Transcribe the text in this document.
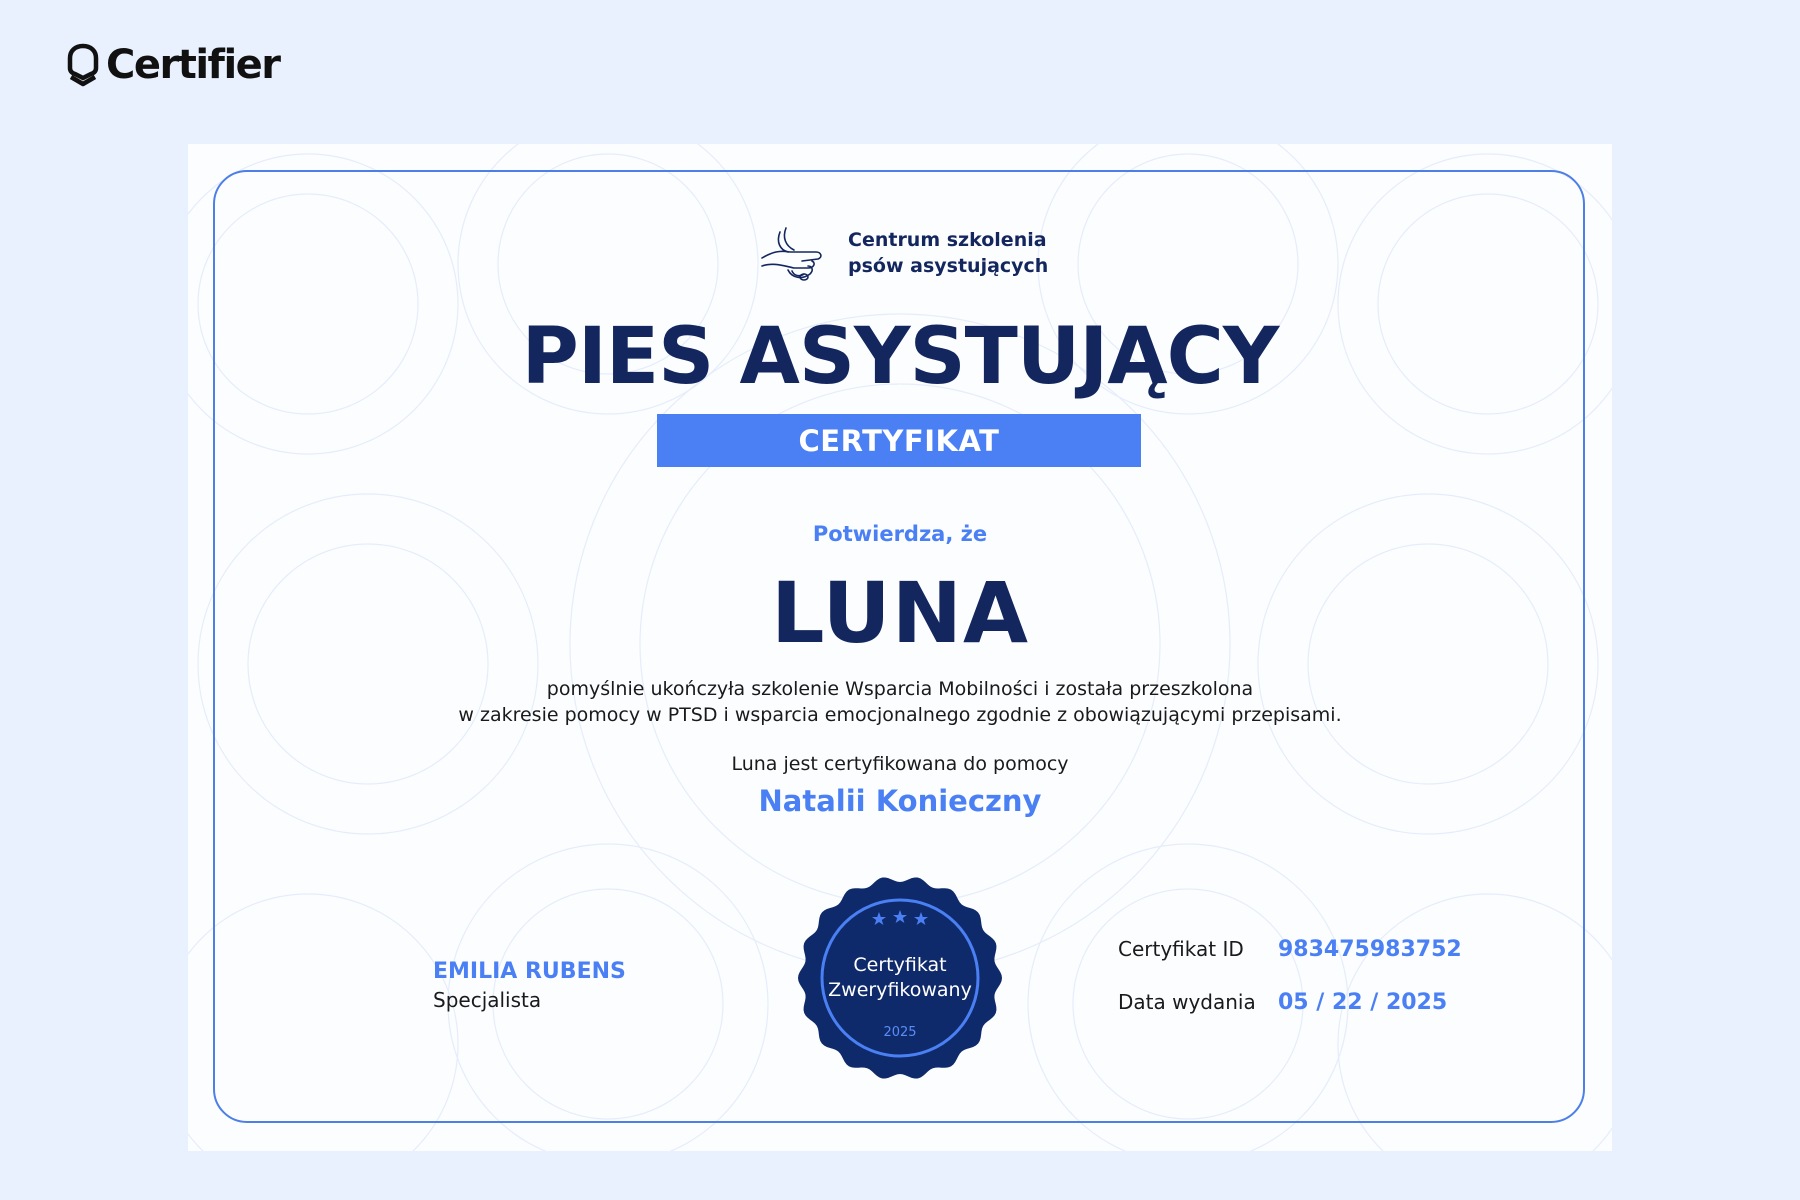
Certifier
Centrum szkolenia
psów asystujących
PIES ASYSTUJĄCY
CERTYFIKAT
Potwierdza, że
LUNA
pomyślnie ukończyła szkolenie Wsparcia Mobilności i została przeszkolona
w zakresie pomocy w PTSD i wsparcia emocjonalnego zgodnie z obowiązującymi przepisami.
Luna jest certyfikowana do pomocy
Natalii Konieczny
EMILIA RUBENS
Specjalista
Certyfikat
Zweryfikowany
2025
Certyfikat ID 983475983752
Data wydania 05 / 22 / 2025
